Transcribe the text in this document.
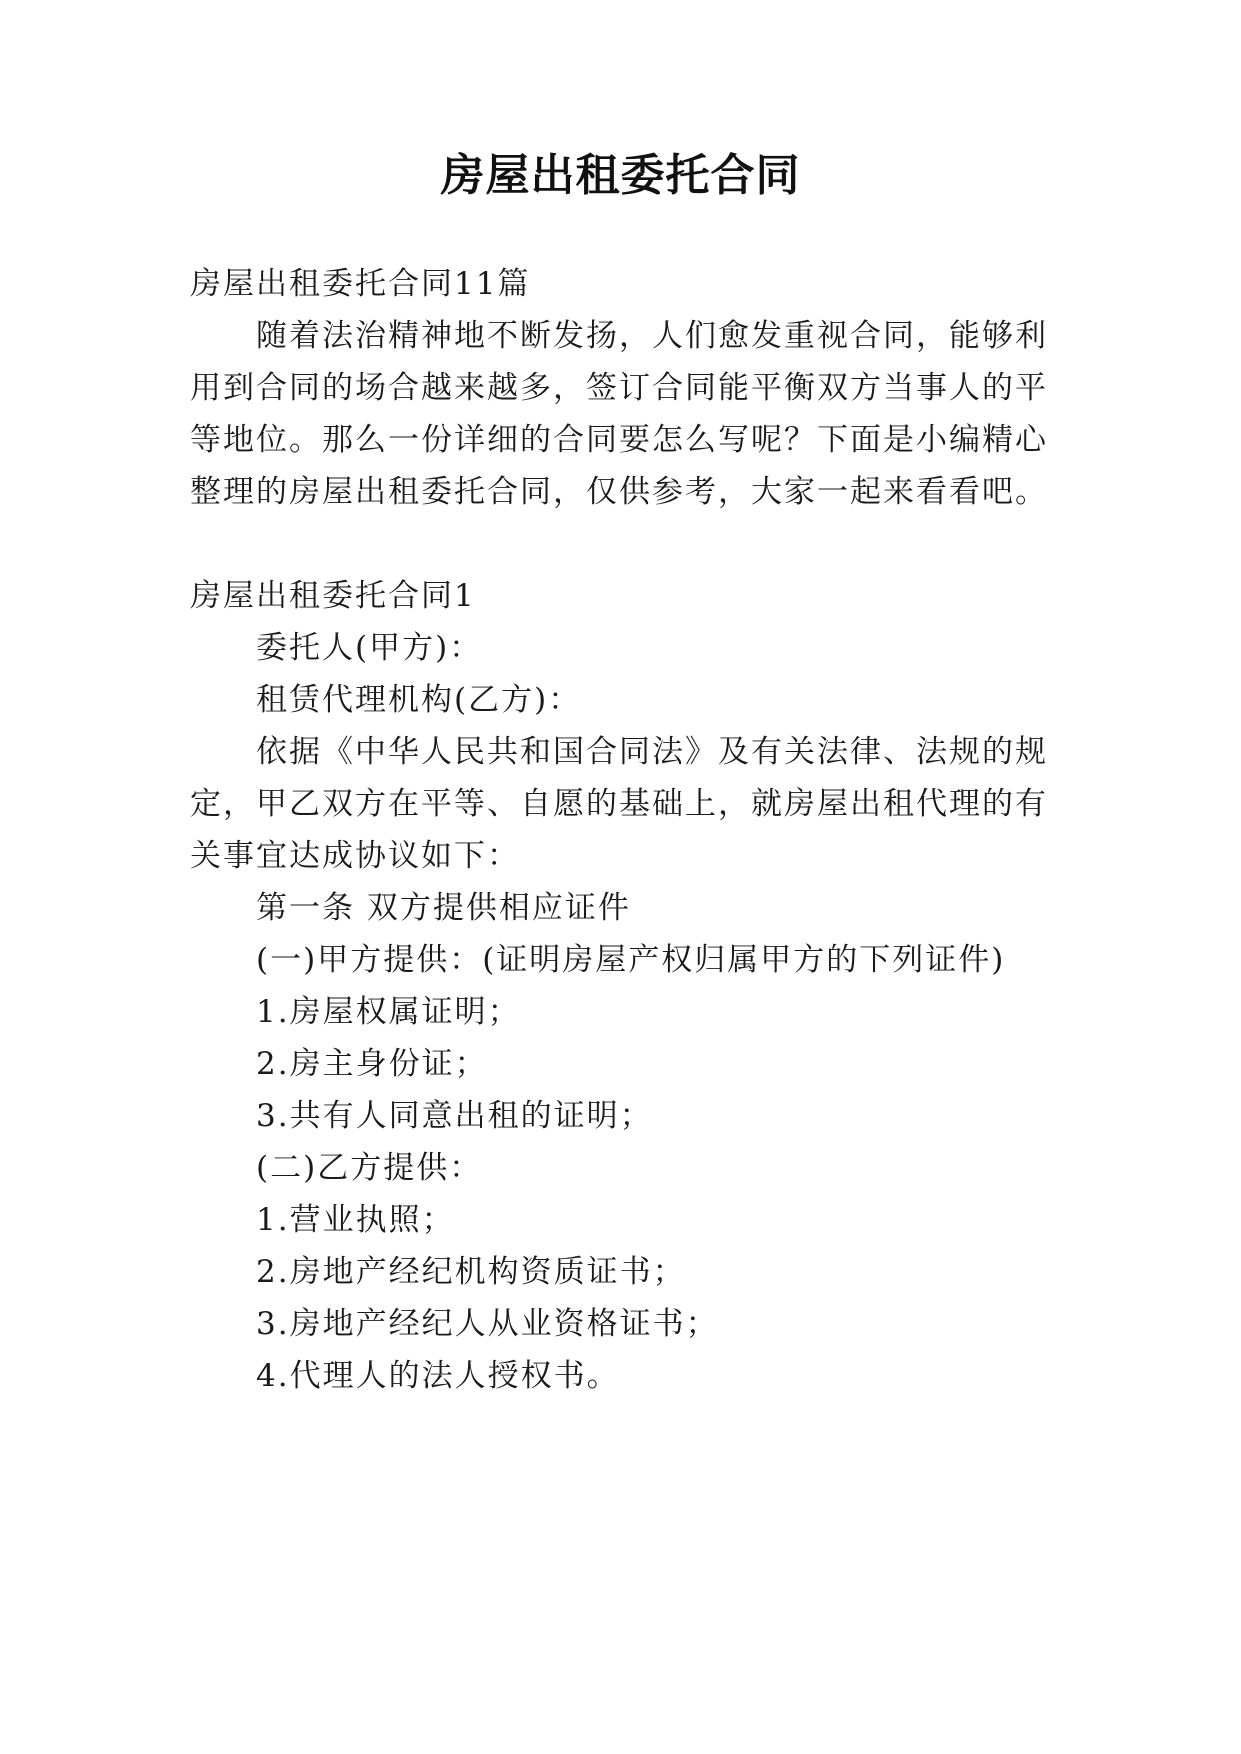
房屋出租委托合同

房屋出租委托合同11篇

随着法治精神地不断发扬，人们愈发重视合同，能够利

用到合同的场合越来越多，签订合同能平衡双方当事人的平

等地位。那么一份详细的合同要怎么写呢？下面是小编精心

整理的房屋出租委托合同，仅供参考，大家一起来看看吧。

房屋出租委托合同1

委托人(甲方)：

租赁代理机构(乙方)：

依据《中华人民共和国合同法》及有关法律、法规的规

定，甲乙双方在平等、自愿的基础上，就房屋出租代理的有

关事宜达成协议如下：

第一条 双方提供相应证件

(一)甲方提供：(证明房屋产权归属甲方的下列证件)

1.房屋权属证明；

2.房主身份证；

3.共有人同意出租的证明；

(二)乙方提供：

1.营业执照；

2.房地产经纪机构资质证书；

3.房地产经纪人从业资格证书；

4.代理人的法人授权书。
